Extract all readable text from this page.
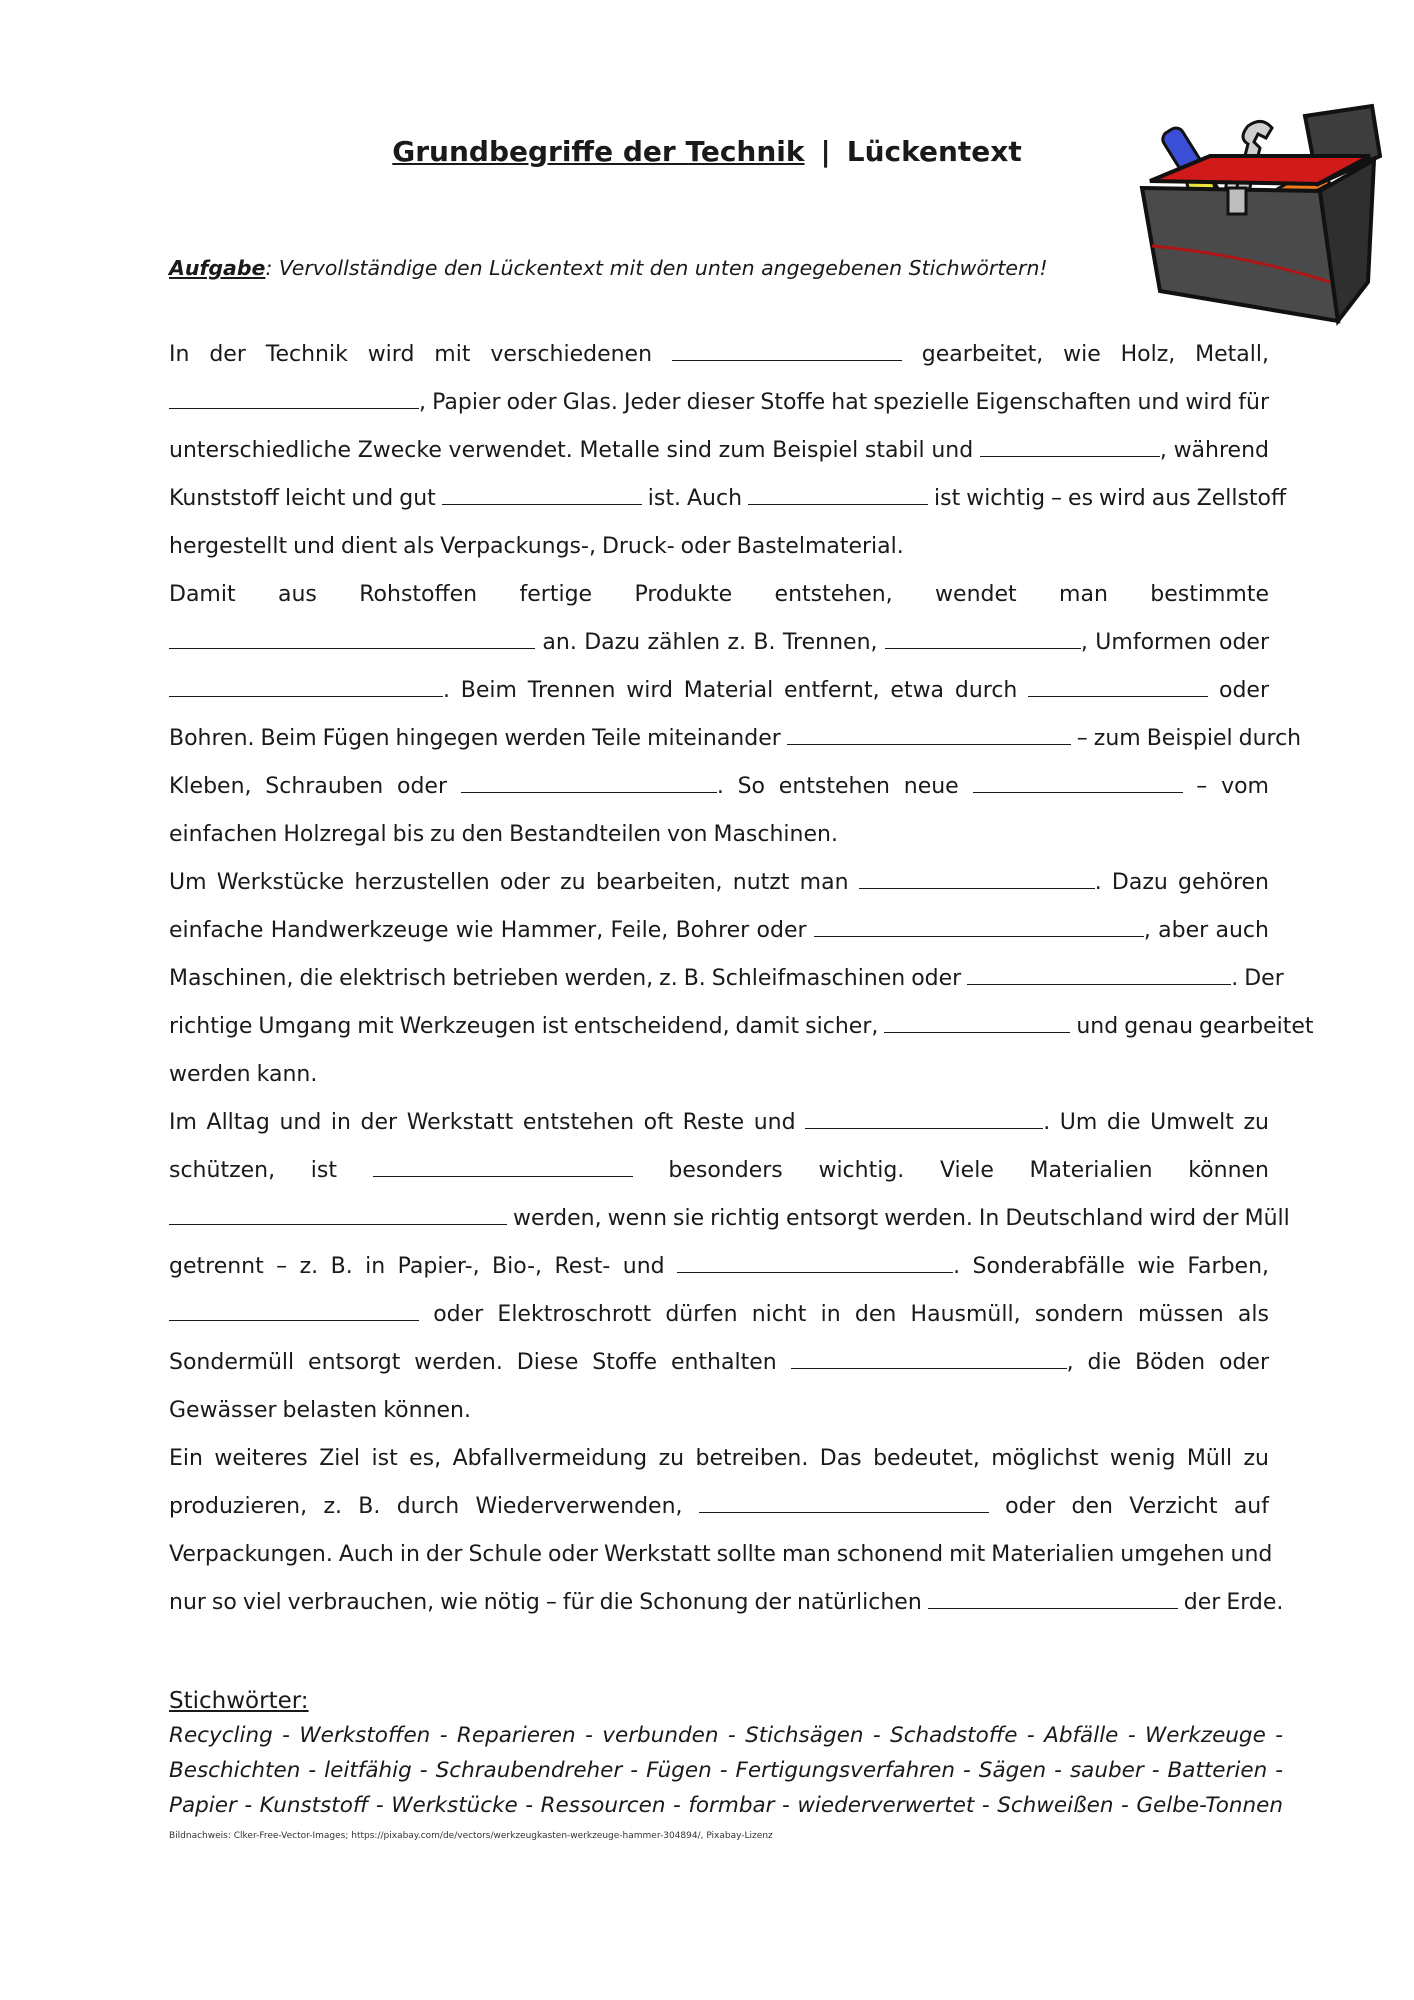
Grundbegriffe der Technik | Lückentext
Aufgabe: Vervollständige den Lückentext mit den unten angegebenen Stichwörtern!

In der Technik wird mit verschiedenen	gearbeitet, wie Holz, Metall,

, Papier oder Glas. Jeder dieser Stoffe hat spezielle Eigenschaften und wird für

unterschiedliche Zwecke verwendet. Metalle sind zum Beispiel stabil und	, während

Kunststoff leicht und gut	ist. Auch	ist wichtig – es wird aus Zellstoff

hergestellt und dient als Verpackungs-, Druck- oder Bastelmaterial.

Damit aus Rohstoffen fertige Produkte entstehen, wendet man bestimmte

an. Dazu zählen z. B. Trennen,	, Umformen oder

. Beim Trennen wird Material entfernt, etwa durch	oder

Bohren. Beim Fügen hingegen werden Teile miteinander	– zum Beispiel durch

Kleben, Schrauben oder	. So entstehen neue	– vom

einfachen Holzregal bis zu den Bestandteilen von Maschinen.

Um Werkstücke herzustellen oder zu bearbeiten, nutzt man	. Dazu gehören

einfache Handwerkzeuge wie Hammer, Feile, Bohrer oder	, aber auch

Maschinen, die elektrisch betrieben werden, z. B. Schleifmaschinen oder	. Der

richtige Umgang mit Werkzeugen ist entscheidend, damit sicher,	und genau gearbeitet

werden kann.

Im Alltag und in der Werkstatt entstehen oft Reste und	. Um die Umwelt zu

schützen, ist	besonders wichtig. Viele Materialien können

werden, wenn sie richtig entsorgt werden. In Deutschland wird der Müll

getrennt – z. B. in Papier-, Bio-, Rest- und	. Sonderabfälle wie Farben,

oder Elektroschrott dürfen nicht in den Hausmüll, sondern müssen als

Sondermüll entsorgt werden. Diese Stoffe enthalten	, die Böden oder

Gewässer belasten können.

Ein weiteres Ziel ist es, Abfallvermeidung zu betreiben. Das bedeutet, möglichst wenig Müll zu

produzieren, z. B. durch Wiederverwenden,	oder den Verzicht auf

Verpackungen. Auch in der Schule oder Werkstatt sollte man schonend mit Materialien umgehen und

nur so viel verbrauchen, wie nötig – für die Schonung der natürlichen	der Erde.

Stichwörter:
Recycling - Werkstoffen - Reparieren - verbunden - Stichsägen - Schadstoffe - Abfälle - Werkzeuge -
Beschichten - leitfähig - Schraubendreher - Fügen - Fertigungsverfahren - Sägen - sauber - Batterien -
Papier - Kunststoff - Werkstücke - Ressourcen - formbar - wiederverwertet - Schweißen - Gelbe-Tonnen
Bildnachweis: Clker-Free-Vector-Images; https://pixabay.com/de/vectors/werkzeugkasten-werkzeuge-hammer-304894/, Pixabay-Lizenz
